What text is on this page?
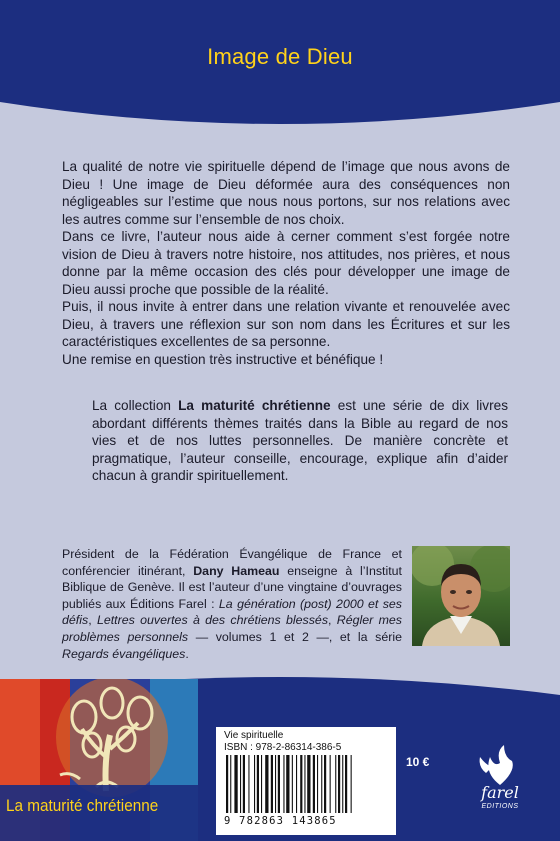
Image de Dieu

La qualité de notre vie spirituelle dépend de l’image que nous avons de Dieu ! Une image de Dieu déformée aura des conséquences non négligeables sur l’estime que nous nous portons, sur nos relations avec les autres comme sur l’ensemble de nos choix.

Dans ce livre, l’auteur nous aide à cerner comment s’est forgée notre vision de Dieu à travers notre histoire, nos attitudes, nos prières, et nous donne par la même occasion des clés pour développer une image de Dieu aussi proche que possible de la réalité.

Puis, il nous invite à entrer dans une relation vivante et renouvelée avec Dieu, à travers une réflexion sur son nom dans les Écritures et sur les caractéristiques excellentes de sa personne.

Une remise en question très instructive et bénéfique !

La collection La maturité chrétienne est une série de dix livres abordant différents thèmes traités dans la Bible au regard de nos vies et de nos luttes personnelles. De manière concrète et pragmatique, l’auteur conseille, encourage, explique afin d’aider chacun à grandir spirituellement.

Président de la Fédération Évangélique de France et conférencier itinérant, Dany Hameau enseigne à l’Institut Biblique de Genève. Il est l’auteur d’une vingtaine d’ouvrages publiés aux Éditions Farel : La génération (post) 2000 et ses défis, Lettres ouvertes à des chrétiens blessés, Régler mes problèmes personnels — volumes 1 et 2 —, et la série Regards évangéliques.

La maturité chrétienne
Vie spirituelle
ISBN : 978-2-86314-386-5
9 782863 143865
10 €
farel
EDITIONS
